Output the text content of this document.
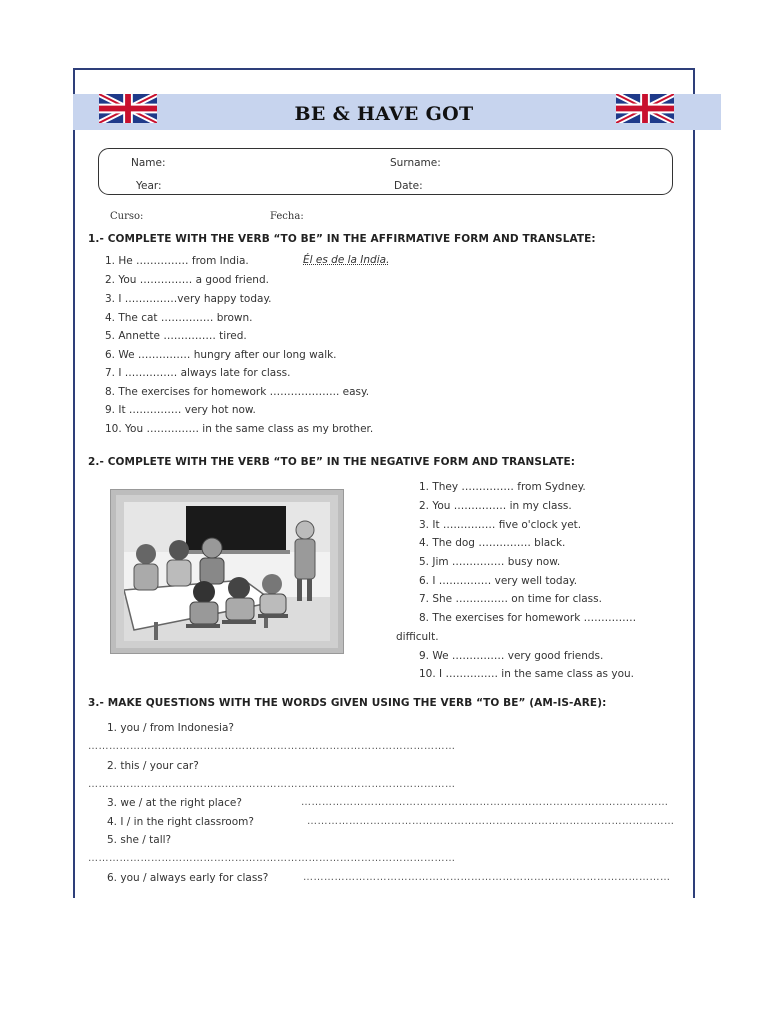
BE & HAVE GOT
Name:	Surname:
Year:	Date:
Curso:	Fecha:
1.- COMPLETE WITH THE VERB “TO BE” IN THE AFFIRMATIVE FORM AND TRANSLATE:
1. He …………… from India.	Él es de la India.
2. You …………… a good friend.
3. I ……………very happy today.
4. The cat …………… brown.
5. Annette …………… tired.
6. We …………… hungry after our long walk.
7. I …………… always late for class.
8. The exercises for homework ……………….. easy.
9. It …………… very hot now.
10. You …………… in the same class as my brother.
2.- COMPLETE WITH THE VERB “TO BE” IN THE NEGATIVE FORM AND TRANSLATE:
1. They …………… from Sydney.
2. You …………… in my class.
3. It …………… five o'clock yet.
4. The dog …………… black.
5. Jim …………… busy now.
6. I …………… very well today.
7. She …………… on time for class.
8. The exercises for homework ……………
difficult.
9. We …………… very good friends.
10. I …………… in the same class as you.
3.- MAKE QUESTIONS WITH THE WORDS GIVEN USING THE VERB “TO BE” (AM-IS-ARE):
1. you / from Indonesia?
……………………………………………………………………………………………
2. this / your car?
……………………………………………………………………………………………
3. we / at the right place?	……………………………………………………………………………………………
4. I / in the right classroom?	……………………………………………………………………………………………
5. she / tall?
……………………………………………………………………………………………
6. you / always early for class?	……………………………………………………………………………………………
